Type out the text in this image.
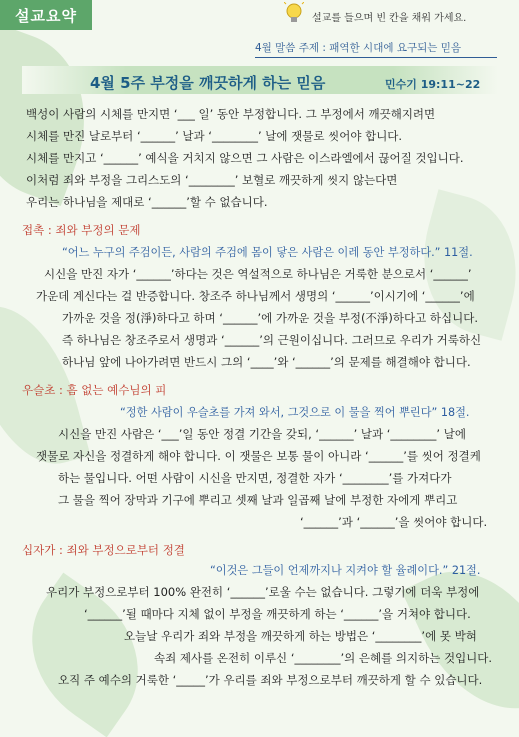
설교요약	설교를 들으며 빈 칸을 채워 가세요.
4월 말씀 주제 : 패역한 시대에 요구되는 믿음
4월 5주 부정을 깨끗하게 하는 믿음	민수기 19:11~22
백성이 사람의 시체를 만지면 ‘___ 일’ 동안 부정합니다. 그 부정에서 깨끗해지려면
시체를 만진 날로부터 ‘______’ 날과 ‘________’ 날에 잿물로 씻어야 합니다.
시체를 만지고 ‘______’ 예식을 거치지 않으면 그 사람은 이스라엘에서 끊어질 것입니다.
이처럼 죄와 부정을 그리스도의 ‘________’ 보혈로 깨끗하게 씻지 않는다면
우리는 하나님을 제대로 ‘______’할 수 없습니다.
접촉 : 죄와 부정의 문제
“어느 누구의 주검이든, 사람의 주검에 몸이 닿은 사람은 이레 동안 부정하다.” 11절.
시신을 만진 자가 ‘______’하다는 것은 역설적으로 하나님은 거룩한 분으로서 ‘______’
가운데 계신다는 걸 반증합니다. 창조주 하나님께서 생명의 ‘______’이시기에 ‘______’에
가까운 것을 정(淨)하다고 하며 ‘______’에 가까운 것을 부정(不淨)하다고 하십니다.
즉 하나님은 창조주로서 생명과 ‘______’의 근원이십니다. 그러므로 우리가 거룩하신
하나님 앞에 나아가려면 반드시 그의 ‘____’와 ‘______’의 문제를 해결해야 합니다.
우슬초 : 흠 없는 예수님의 피
“정한 사람이 우슬초를 가져 와서, 그것으로 이 물을 찍어 뿌린다” 18절.
시신을 만진 사람은 ‘___’일 동안 정결 기간을 갖되, ‘______’ 날과 ‘________’ 날에
잿물로 자신을 정결하게 해야 합니다. 이 잿물은 보통 물이 아니라 ‘______’를 씻어 정결케
하는 물입니다. 어떤 사람이 시신을 만지면, 정결한 자가 ‘________’를 가져다가
그 물을 찍어 장막과 기구에 뿌리고 셋째 날과 일곱째 날에 부정한 자에게 뿌리고
‘______’과 ‘______’을 씻어야 합니다.
십자가 : 죄와 부정으로부터 정결
“이것은 그들이 언제까지나 지켜야 할 율례이다.” 21절.
우리가 부정으로부터 100% 완전히 ‘______’로울 수는 없습니다. 그렇기에 더욱 부정에
‘______’될 때마다 지체 없이 부정을 깨끗하게 하는 ‘______’을 거쳐야 합니다.
오늘날 우리가 죄와 부정을 깨끗하게 하는 방법은 ‘________’에 못 박혀
속죄 제사를 온전히 이루신 ‘________’의 은혜를 의지하는 것입니다.
오직 주 예수의 거룩한 ‘_____’가 우리를 죄와 부정으로부터 깨끗하게 할 수 있습니다.
